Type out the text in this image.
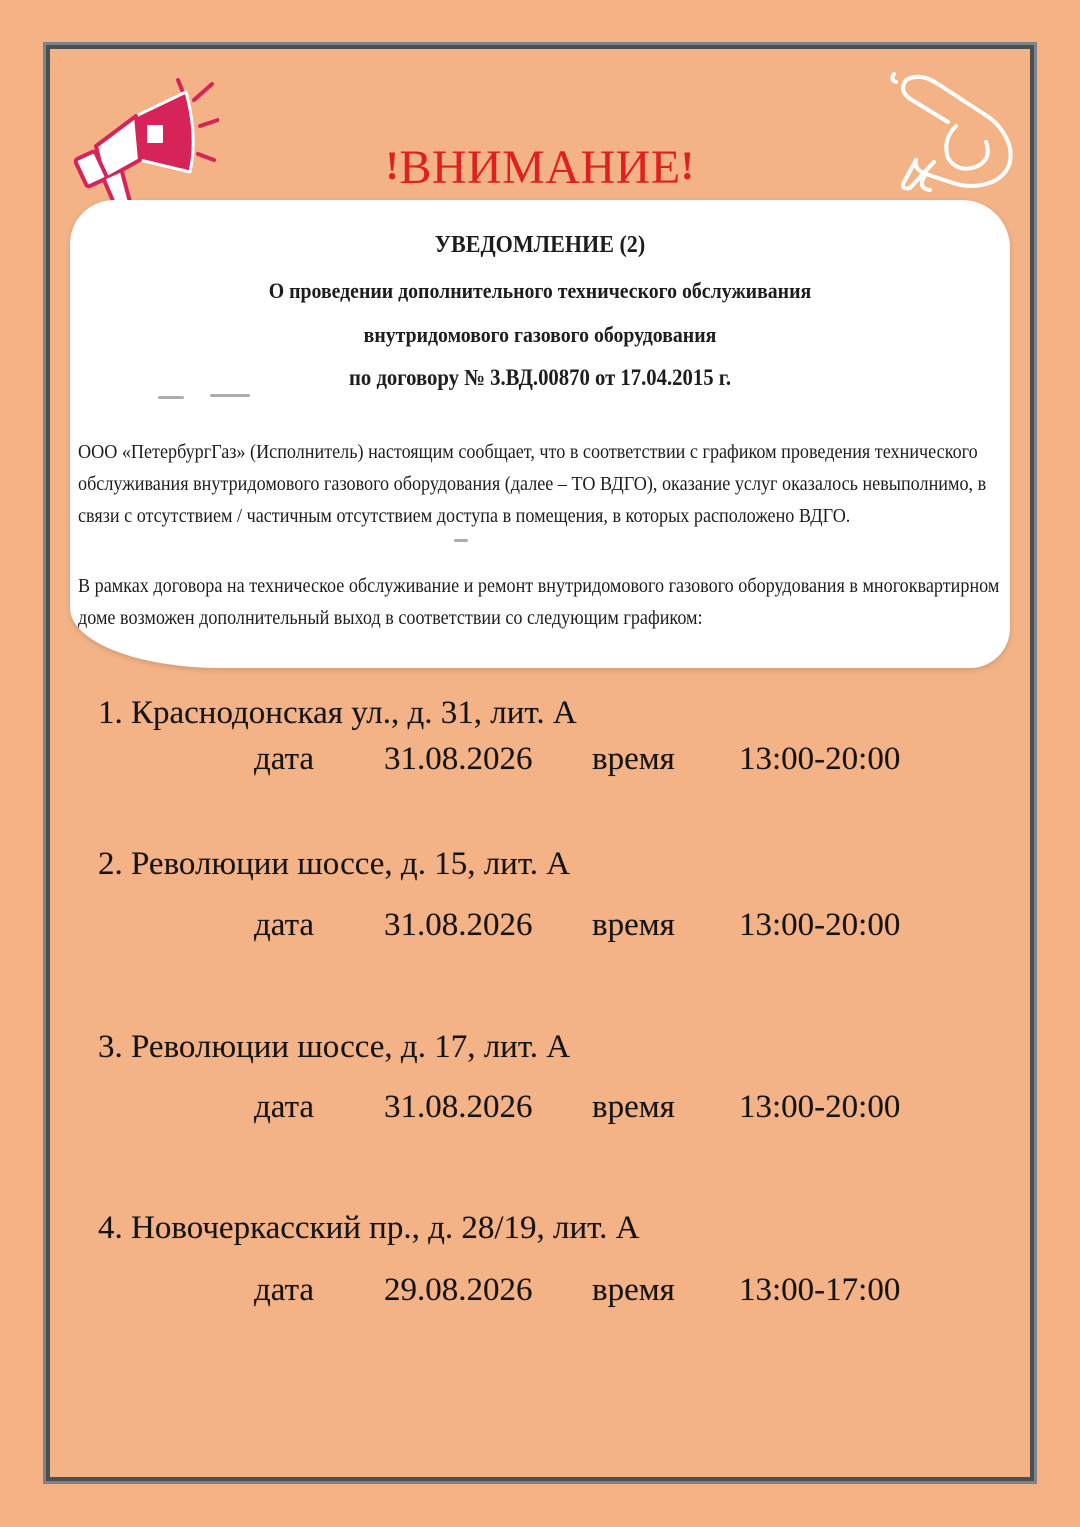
!ВНИМАНИЕ!
УВЕДОМЛЕНИЕ (2)
О проведении дополнительного технического обслуживания
внутридомового газового оборудования
по договору № 3.ВД.00870 от 17.04.2015 г.
ООО «ПетербургГаз» (Исполнитель) настоящим сообщает, что в соответствии с графиком проведения технического
обслуживания внутридомового газового оборудования (далее – ТО ВДГО), оказание услуг оказалось невыполнимо, в
связи с отсутствием / частичным отсутствием доступа в помещения, в которых расположено ВДГО.
В рамках договора на техническое обслуживание и ремонт внутридомового газового оборудования в многоквартирном
доме возможен дополнительный выход в соответствии со следующим графиком:
1. Краснодонская ул., д. 31, лит. А
дата 31.08.2026 время 13:00-20:00
2. Революции шоссе, д. 15, лит. А
дата 31.08.2026 время 13:00-20:00
3. Революции шоссе, д. 17, лит. А
дата 31.08.2026 время 13:00-20:00
4. Новочеркасский пр., д. 28/19, лит. А
дата 29.08.2026 время 13:00-17:00
